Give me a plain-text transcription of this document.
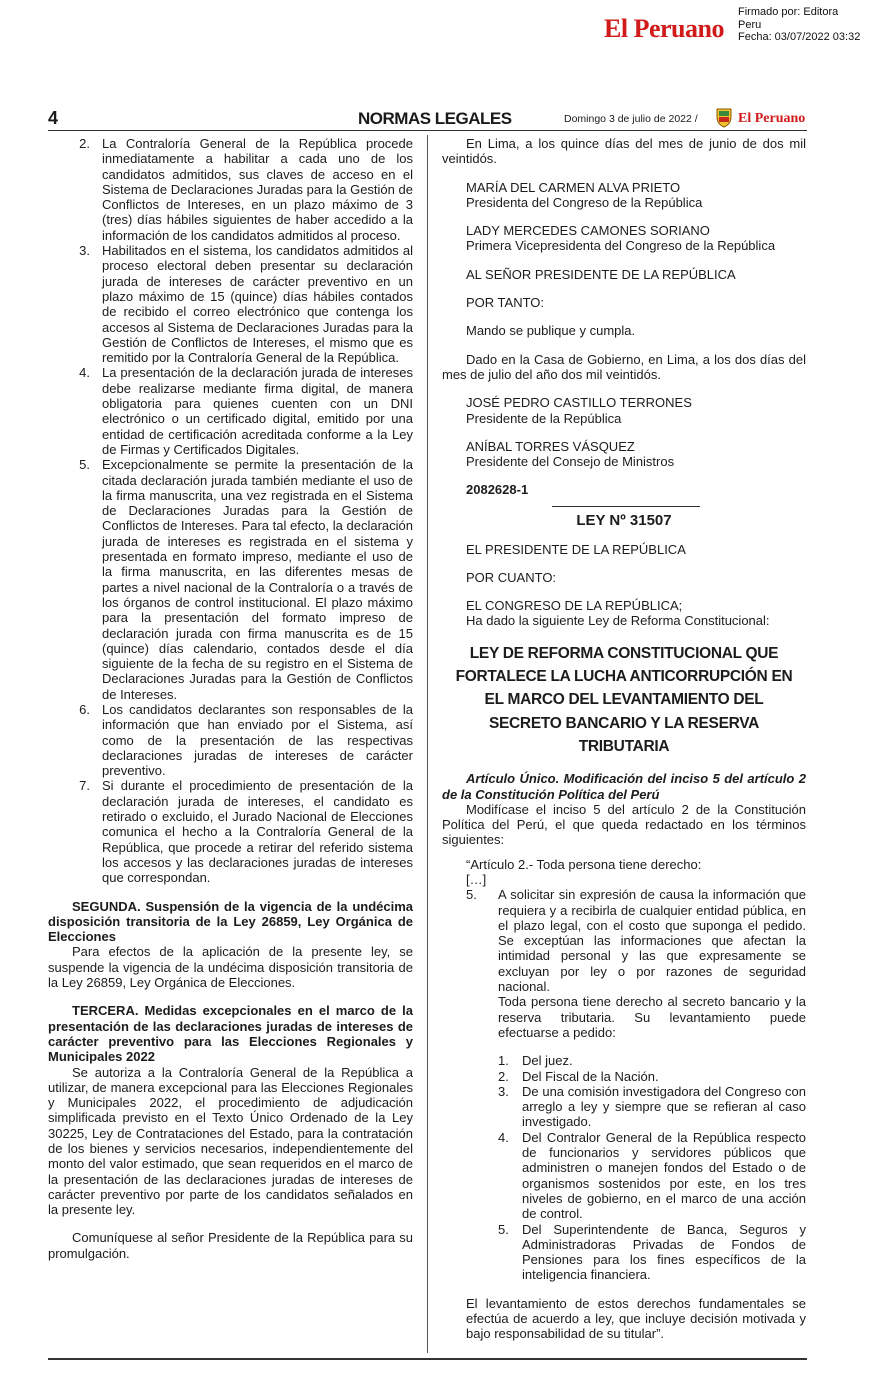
El Peruano
Firmado por: Editora
Peru
Fecha: 03/07/2022 03:32
4	NORMAS LEGALES	Domingo 3 de julio de 2022 /	El Peruano
2. La Contraloría General de la República procede inmediatamente a habilitar a cada uno de los candidatos admitidos, sus claves de acceso en el Sistema de Declaraciones Juradas para la Gestión de Conflictos de Intereses, en un plazo máximo de 3 (tres) días hábiles siguientes de haber accedido a la información de los candidatos admitidos al proceso.
3. Habilitados en el sistema, los candidatos admitidos al proceso electoral deben presentar su declaración jurada de intereses de carácter preventivo en un plazo máximo de 15 (quince) días hábiles contados de recibido el correo electrónico que contenga los accesos al Sistema de Declaraciones Juradas para la Gestión de Conflictos de Intereses, el mismo que es remitido por la Contraloría General de la República.
4. La presentación de la declaración jurada de intereses debe realizarse mediante firma digital, de manera obligatoria para quienes cuenten con un DNI electrónico o un certificado digital, emitido por una entidad de certificación acreditada conforme a la Ley de Firmas y Certificados Digitales.
5. Excepcionalmente se permite la presentación de la citada declaración jurada también mediante el uso de la firma manuscrita, una vez registrada en el Sistema de Declaraciones Juradas para la Gestión de Conflictos de Intereses. Para tal efecto, la declaración jurada de intereses es registrada en el sistema y presentada en formato impreso, mediante el uso de la firma manuscrita, en las diferentes mesas de partes a nivel nacional de la Contraloría o a través de los órganos de control institucional. El plazo máximo para la presentación del formato impreso de declaración jurada con firma manuscrita es de 15 (quince) días calendario, contados desde el día siguiente de la fecha de su registro en el Sistema de Declaraciones Juradas para la Gestión de Conflictos de Intereses.
6. Los candidatos declarantes son responsables de la información que han enviado por el Sistema, así como de la presentación de las respectivas declaraciones juradas de intereses de carácter preventivo.
7. Si durante el procedimiento de presentación de la declaración jurada de intereses, el candidato es retirado o excluido, el Jurado Nacional de Elecciones comunica el hecho a la Contraloría General de la República, que procede a retirar del referido sistema los accesos y las declaraciones juradas de intereses que correspondan.

SEGUNDA. Suspensión de la vigencia de la undécima disposición transitoria de la Ley 26859, Ley Orgánica de Elecciones

Para efectos de la aplicación de la presente ley, se suspende la vigencia de la undécima disposición transitoria de la Ley 26859, Ley Orgánica de Elecciones.

TERCERA. Medidas excepcionales en el marco de la presentación de las declaraciones juradas de intereses de carácter preventivo para las Elecciones Regionales y Municipales 2022

Se autoriza a la Contraloría General de la República a utilizar, de manera excepcional para las Elecciones Regionales y Municipales 2022, el procedimiento de adjudicación simplificada previsto en el Texto Único Ordenado de la Ley 30225, Ley de Contrataciones del Estado, para la contratación de los bienes y servicios necesarios, independientemente del monto del valor estimado, que sean requeridos en el marco de la presentación de las declaraciones juradas de intereses de carácter preventivo por parte de los candidatos señalados en la presente ley.

Comuníquese al señor Presidente de la República para su promulgación.

En Lima, a los quince días del mes de junio de dos mil veintidós.

MARÍA DEL CARMEN ALVA PRIETO

Presidenta del Congreso de la República

LADY MERCEDES CAMONES SORIANO

Primera Vicepresidenta del Congreso de la República

AL SEÑOR PRESIDENTE DE LA REPÚBLICA

POR TANTO:

Mando se publique y cumpla.

Dado en la Casa de Gobierno, en Lima, a los dos días del mes de julio del año dos mil veintidós.

JOSÉ PEDRO CASTILLO TERRONES

Presidente de la República

ANÍBAL TORRES VÁSQUEZ

Presidente del Consejo de Ministros

2082628-1

LEY Nº 31507

EL PRESIDENTE DE LA REPÚBLICA

POR CUANTO:

EL CONGRESO DE LA REPÚBLICA;

Ha dado la siguiente Ley de Reforma Constitucional:

LEY DE REFORMA CONSTITUCIONAL QUE FORTALECE LA LUCHA ANTICORRUPCIÓN EN EL MARCO DEL LEVANTAMIENTO DEL SECRETO BANCARIO Y LA RESERVA TRIBUTARIA

Artículo Único. Modificación del inciso 5 del artículo 2 de la Constitución Política del Perú

Modifícase el inciso 5 del artículo 2 de la Constitución Política del Perú, el que queda redactado en los términos siguientes:

“Artículo 2.- Toda persona tiene derecho:

[…]

5.	A solicitar sin expresión de causa la información que requiera y a recibirla de cualquier entidad pública, en el plazo legal, con el costo que suponga el pedido. Se exceptúan las informaciones que afectan la intimidad personal y las que expresamente se excluyan por ley o por razones de seguridad nacional.

Toda persona tiene derecho al secreto bancario y la reserva tributaria. Su levantamiento puede efectuarse a pedido:

1.	Del juez.
2.	Del Fiscal de la Nación.
3.	De una comisión investigadora del Congreso con arreglo a ley y siempre que se refieran al caso investigado.
4.	Del Contralor General de la República respecto de funcionarios y servidores públicos que administren o manejen fondos del Estado o de organismos sostenidos por este, en los tres niveles de gobierno, en el marco de una acción de control.
5.	Del Superintendente de Banca, Seguros y Administradoras Privadas de Fondos de Pensiones para los fines específicos de la inteligencia financiera.

El levantamiento de estos derechos fundamentales se efectúa de acuerdo a ley, que incluye decisión motivada y bajo responsabilidad de su titular”.
